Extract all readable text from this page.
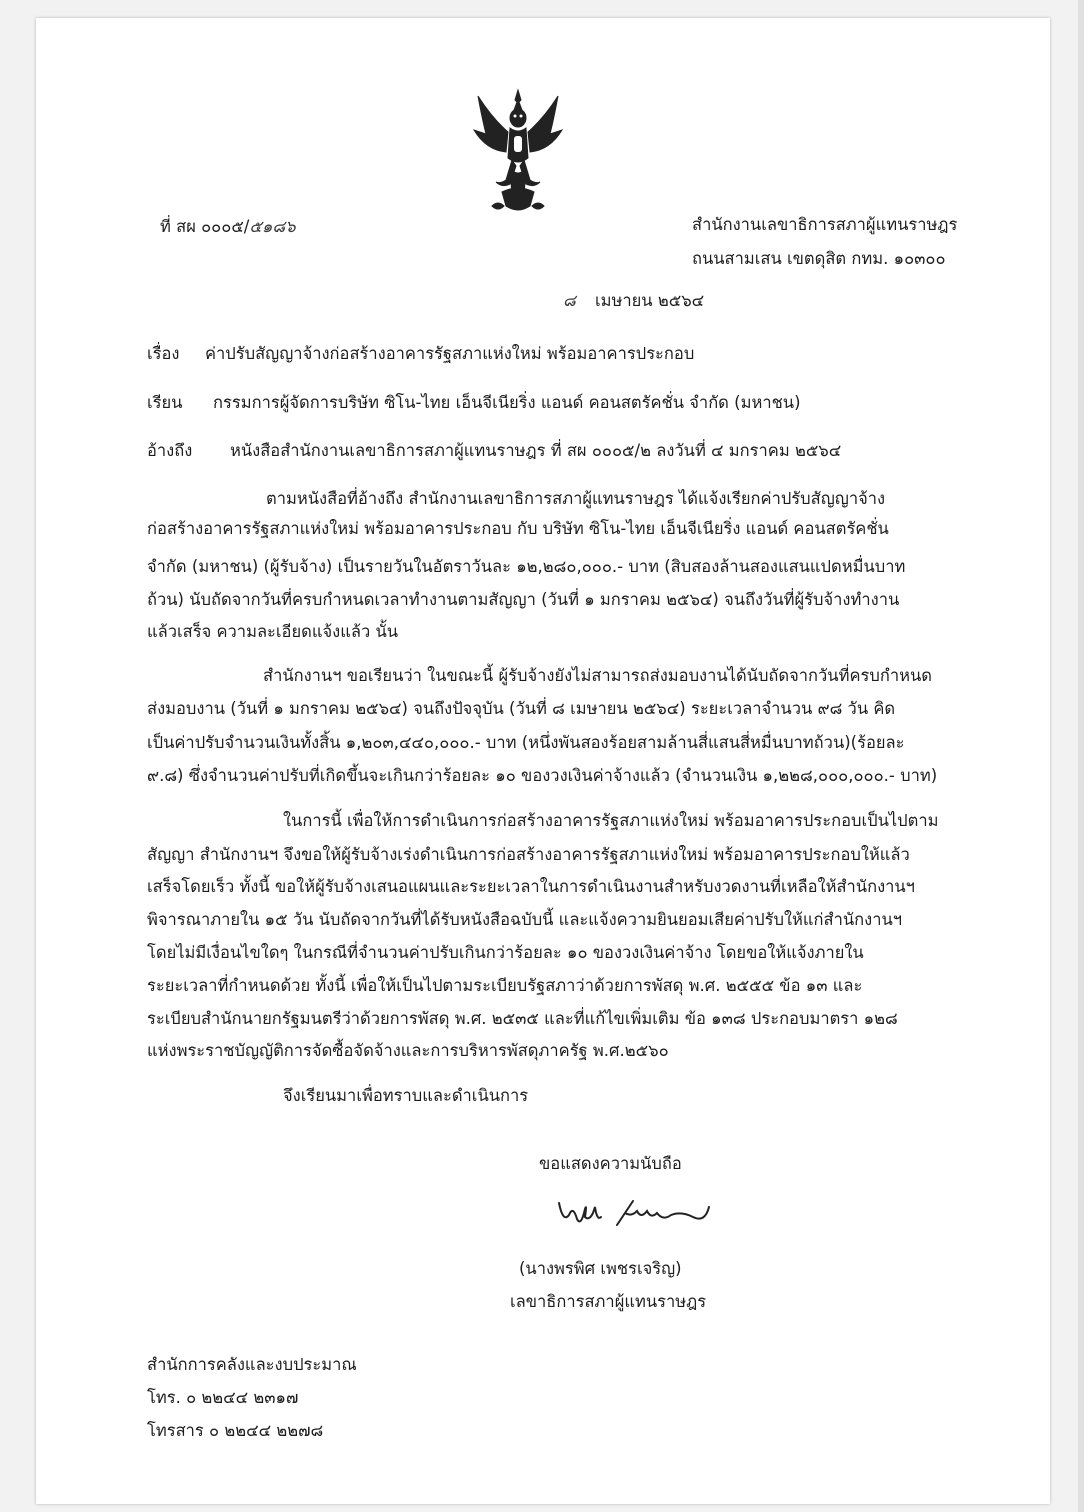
ที่ สผ ๐๐๐๕/๕๑๘๖	สำนักงานเลขาธิการสภาผู้แทนราษฎร
ถนนสามเสน เขตดุสิต กทม. ๑๐๓๐๐
๘ เมษายน ๒๕๖๔
เรื่อง ค่าปรับสัญญาจ้างก่อสร้างอาคารรัฐสภาแห่งใหม่ พร้อมอาคารประกอบ
เรียน กรรมการผู้จัดการบริษัท ซิโน-ไทย เอ็นจีเนียริ่ง แอนด์ คอนสตรัคชั่น จำกัด (มหาชน)
อ้างถึง หนังสือสำนักงานเลขาธิการสภาผู้แทนราษฎร ที่ สผ ๐๐๐๕/๒ ลงวันที่ ๔ มกราคม ๒๕๖๔
ตามหนังสือที่อ้างถึง สำนักงานเลขาธิการสภาผู้แทนราษฎร ได้แจ้งเรียกค่าปรับสัญญาจ้าง
ก่อสร้างอาคารรัฐสภาแห่งใหม่ พร้อมอาคารประกอบ กับ บริษัท ซิโน-ไทย เอ็นจีเนียริ่ง แอนด์ คอนสตรัคชั่น
จำกัด (มหาชน) (ผู้รับจ้าง) เป็นรายวันในอัตราวันละ ๑๒,๒๘๐,๐๐๐.- บาท (สิบสองล้านสองแสนแปดหมื่นบาท
ถ้วน) นับถัดจากวันที่ครบกำหนดเวลาทำงานตามสัญญา (วันที่ ๑ มกราคม ๒๕๖๔) จนถึงวันที่ผู้รับจ้างทำงาน
แล้วเสร็จ ความละเอียดแจ้งแล้ว นั้น
สำนักงานฯ ขอเรียนว่า ในขณะนี้ ผู้รับจ้างยังไม่สามารถส่งมอบงานได้นับถัดจากวันที่ครบกำหนด
ส่งมอบงาน (วันที่ ๑ มกราคม ๒๕๖๔) จนถึงปัจจุบัน (วันที่ ๘ เมษายน ๒๕๖๔) ระยะเวลาจำนวน ๙๘ วัน คิด
เป็นค่าปรับจำนวนเงินทั้งสิ้น ๑,๒๐๓,๔๔๐,๐๐๐.- บาท (หนึ่งพันสองร้อยสามล้านสี่แสนสี่หมื่นบาทถ้วน)(ร้อยละ
๙.๘) ซึ่งจำนวนค่าปรับที่เกิดขึ้นจะเกินกว่าร้อยละ ๑๐ ของวงเงินค่าจ้างแล้ว (จำนวนเงิน ๑,๒๒๘,๐๐๐,๐๐๐.- บาท)
ในการนี้ เพื่อให้การดำเนินการก่อสร้างอาคารรัฐสภาแห่งใหม่ พร้อมอาคารประกอบเป็นไปตาม
สัญญา สำนักงานฯ จึงขอให้ผู้รับจ้างเร่งดำเนินการก่อสร้างอาคารรัฐสภาแห่งใหม่ พร้อมอาคารประกอบให้แล้ว
เสร็จโดยเร็ว ทั้งนี้ ขอให้ผู้รับจ้างเสนอแผนและระยะเวลาในการดำเนินงานสำหรับงวดงานที่เหลือให้สำนักงานฯ
พิจารณาภายใน ๑๕ วัน นับถัดจากวันที่ได้รับหนังสือฉบับนี้ และแจ้งความยินยอมเสียค่าปรับให้แก่สำนักงานฯ
โดยไม่มีเงื่อนไขใดๆ ในกรณีที่จำนวนค่าปรับเกินกว่าร้อยละ ๑๐ ของวงเงินค่าจ้าง โดยขอให้แจ้งภายใน
ระยะเวลาที่กำหนดด้วย ทั้งนี้ เพื่อให้เป็นไปตามระเบียบรัฐสภาว่าด้วยการพัสดุ พ.ศ. ๒๕๕๕ ข้อ ๑๓ และ
ระเบียบสำนักนายกรัฐมนตรีว่าด้วยการพัสดุ พ.ศ. ๒๕๓๕ และที่แก้ไขเพิ่มเติม ข้อ ๑๓๘ ประกอบมาตรา ๑๒๘
แห่งพระราชบัญญัติการจัดซื้อจัดจ้างและการบริหารพัสดุภาครัฐ พ.ศ.๒๕๖๐
จึงเรียนมาเพื่อทราบและดำเนินการ
ขอแสดงความนับถือ
(นางพรพิศ เพชรเจริญ)
เลขาธิการสภาผู้แทนราษฎร
สำนักการคลังและงบประมาณ
โทร. ๐ ๒๒๔๔ ๒๓๑๗
โทรสาร ๐ ๒๒๔๔ ๒๒๗๘
